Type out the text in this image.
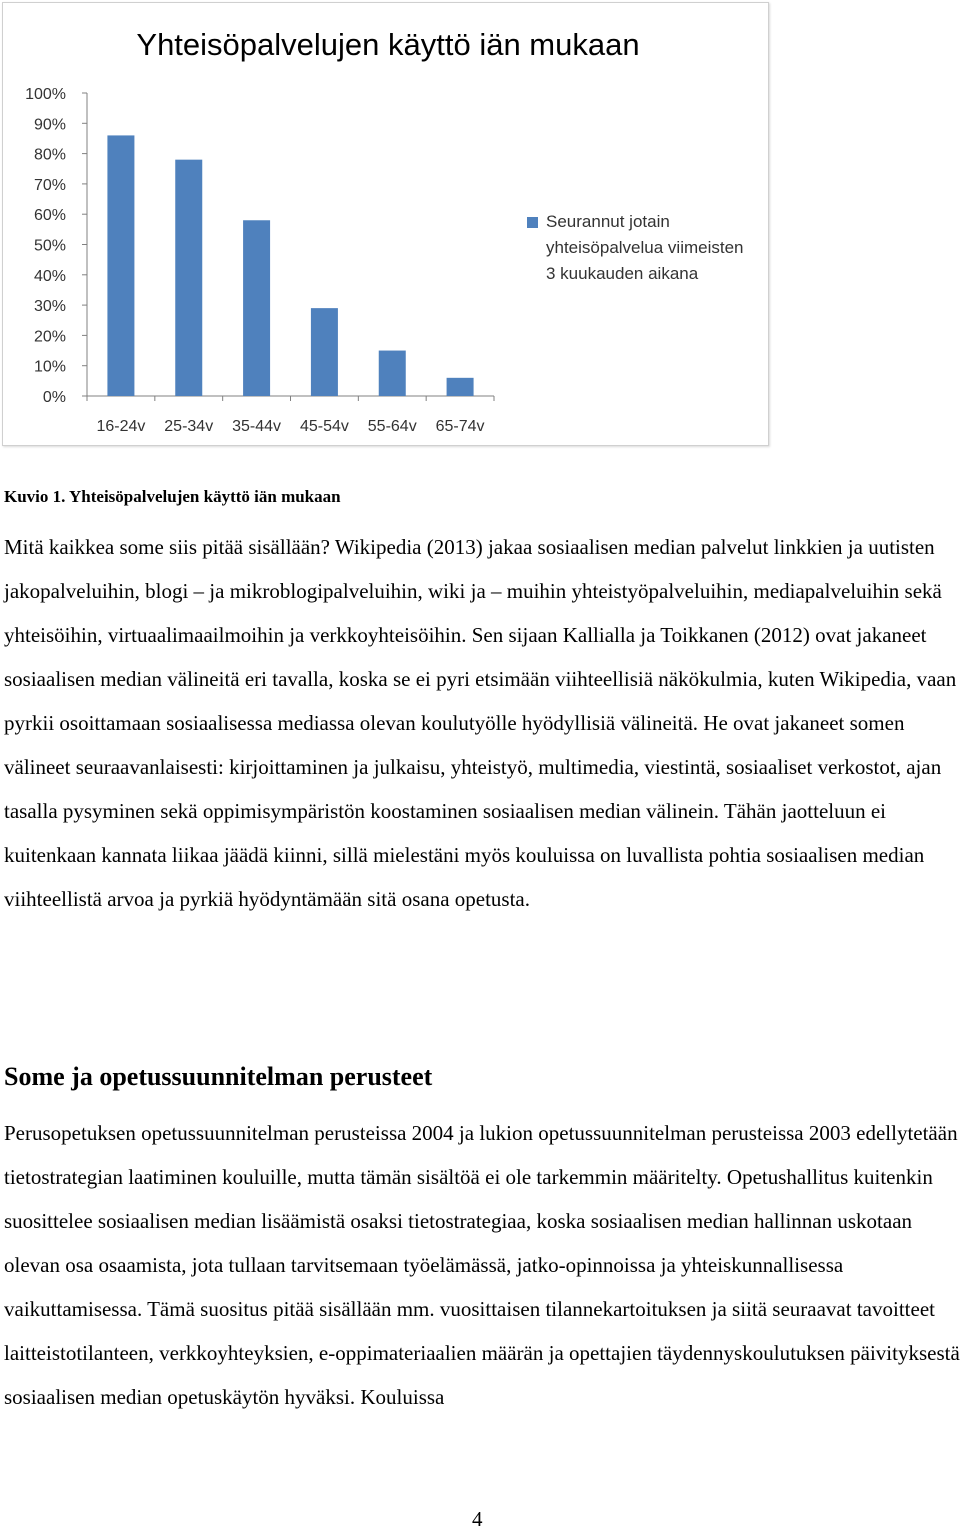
Yhteisöpalvelujen käyttö iän mukaan
0%
10%
20%
30%
40%
50%
60%
70%
80%
90%
100%
16-24v 25-34v 35-44v 45-54v 55-64v 65-74v
Seurannut jotain yhteisöpalvelua viimeisten 3 kuukauden aikana
Kuvio 1. Yhteisöpalvelujen käyttö iän mukaan

Mitä kaikkea some siis pitää sisällään? Wikipedia (2013) jakaa sosiaalisen median palvelut linkkien ja uutisten jakopalveluihin, blogi – ja mikroblogipalveluihin, wiki ja – muihin yhteistyöpalveluihin, mediapalveluihin sekä yhteisöihin, virtuaalimaailmoihin ja verkkoyhteisöihin. Sen sijaan Kallialla ja Toikkanen (2012) ovat jakaneet sosiaalisen median välineitä eri tavalla, koska se ei pyri etsimään viihteellisiä näkökulmia, kuten Wikipedia, vaan pyrkii osoittamaan sosiaalisessa mediassa olevan koulutyölle hyödyllisiä välineitä. He ovat jakaneet somen välineet seuraavanlaisesti: kirjoittaminen ja julkaisu, yhteistyö, multimedia, viestintä, sosiaaliset verkostot, ajan tasalla pysyminen sekä oppimisympäristön koostaminen sosiaalisen median välinein. Tähän jaotteluun ei kuitenkaan kannata liikaa jäädä kiinni, sillä mielestäni myös kouluissa on luvallista pohtia sosiaalisen median viihteellistä arvoa ja pyrkiä hyödyntämään sitä osana opetusta.

Some ja opetussuunnitelman perusteet

Perusopetuksen opetussuunnitelman perusteissa 2004 ja lukion opetussuunnitelman perusteissa 2003 edellytetään tietostrategian laatiminen kouluille, mutta tämän sisältöä ei ole tarkemmin määritelty. Opetushallitus kuitenkin suosittelee sosiaalisen median lisäämistä osaksi tietostrategiaa, koska sosiaalisen median hallinnan uskotaan olevan osa osaamista, jota tullaan tarvitsemaan työelämässä, jatko-opinnoissa ja yhteiskunnallisessa vaikuttamisessa. Tämä suositus pitää sisällään mm. vuosittaisen tilannekartoituksen ja siitä seuraavat tavoitteet laitteistotilanteen, verkkoyhteyksien, e-oppimateriaalien määrän ja opettajien täydennyskoulutuksen päivityksestä sosiaalisen median opetuskäytön hyväksi. Kouluissa

4
